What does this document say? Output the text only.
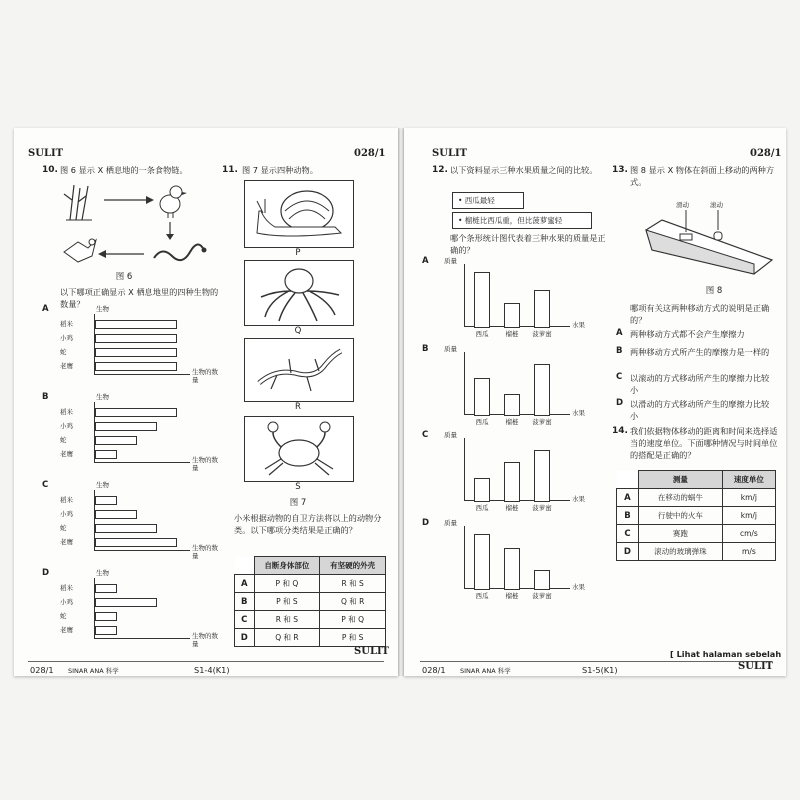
SULIT	028/1
10. 图 6 显示 X 栖息地的一条食物链。
图 6
以下哪项正确显示 X 栖息地里的四种生物的数量？
11. 图 7 显示四种动物。
P
Q
R
S
图 7
小米根据动物的自卫方法将以上的动物分类。以下哪项分类结果是正确的？
	自断身体部位	有坚硬的外壳
A	P 和 Q	R 和 S
B	P 和 S	Q 和 R
C	R 和 S	P 和 Q
D	Q 和 R	P 和 S
SULIT
028/1 SINAR ANA 科学	S1-4(K1)
A	生物
生物的数量
稻米
小鸡
蛇
老鹰
B	生物
生物的数量
稻米
小鸡
蛇
老鹰
C	生物
生物的数量
稻米
小鸡
蛇
老鹰
D	生物
生物的数量
稻米
小鸡
蛇
老鹰
SULIT	028/1
12. 以下资料显示三种水果质量之间的比较。
• 西瓜最轻
• 榴梿比西瓜重，但比菠萝蜜轻
哪个条形统计图代表着三种水果的质量是正确的？
13. 图 8 显示 X 物体在斜面上移动的两种方式。
滑动	滚动
图 8
哪项有关这两种移动方式的说明是正确的？
14. 我们依据物体移动的距离和时间来选择适当的速度单位。下面哪种情况与时间单位的搭配是正确的？
	测量	速度单位
A	在移动的蜗牛	km/j
B	行驶中的火车	km/j
C	赛跑	cm/s
D	滚动的玻璃弹珠	m/s
[ Lihat halaman sebelah
028/1 SINAR ANA 科学	S1-5(K1)	SULIT
A 质量
水果
西瓜	榴梿	菠萝蜜
B 质量
水果
西瓜	榴梿	菠萝蜜
C 质量
水果
西瓜	榴梿	菠萝蜜
D 质量
水果
西瓜	榴梿	菠萝蜜
A 两种移动方式都不会产生摩擦力
B 两种移动方式所产生的摩擦力是一样的
C 以滚动的方式移动所产生的摩擦力比较小
D 以滑动的方式移动所产生的摩擦力比较小
